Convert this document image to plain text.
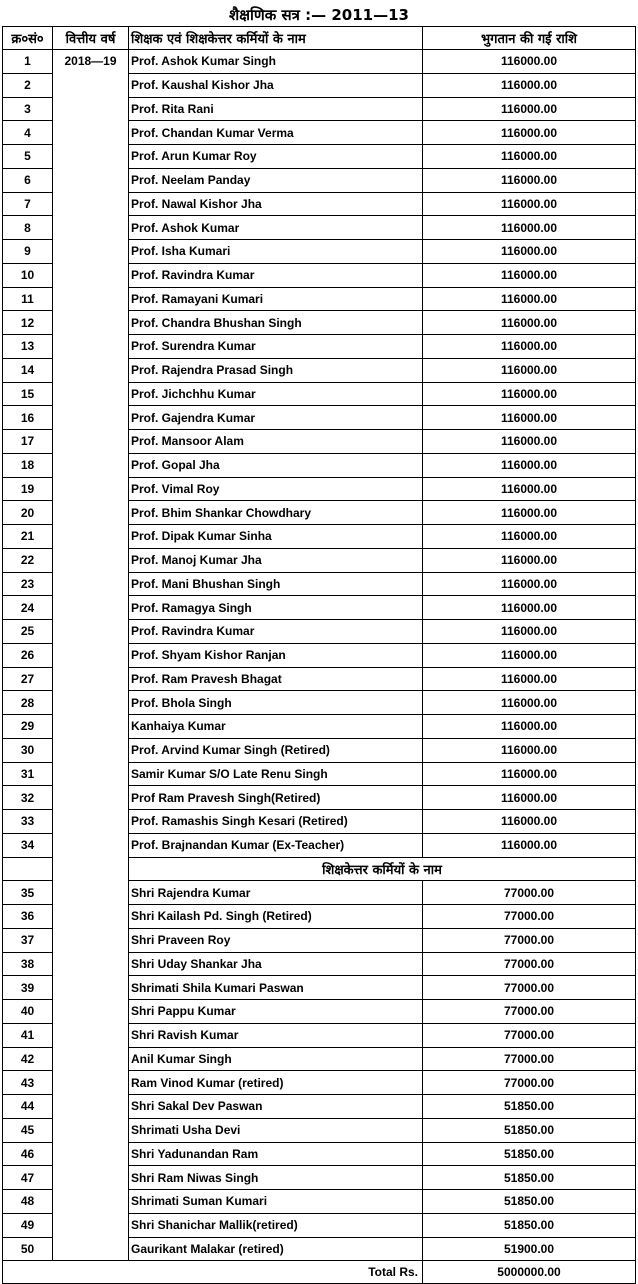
शैक्षणिक सत्र :— 2011—13
क्र०सं०	वित्तीय वर्ष	शिक्षक एवं शिक्षकेत्तर कर्मियों के नाम	भुगतान की गई राशि
1	2018—19	Prof. Ashok Kumar Singh	116000.00
2		Prof. Kaushal Kishor Jha	116000.00
3		Prof. Rita Rani	116000.00
4		Prof. Chandan Kumar Verma	116000.00
5		Prof. Arun Kumar Roy	116000.00
6		Prof. Neelam Panday	116000.00
7		Prof. Nawal Kishor Jha	116000.00
8		Prof. Ashok Kumar	116000.00
9		Prof. Isha Kumari	116000.00
10		Prof. Ravindra Kumar	116000.00
11		Prof. Ramayani Kumari	116000.00
12		Prof. Chandra Bhushan Singh	116000.00
13		Prof. Surendra Kumar	116000.00
14		Prof. Rajendra Prasad Singh	116000.00
15		Prof. Jichchhu Kumar	116000.00
16		Prof. Gajendra Kumar	116000.00
17		Prof. Mansoor Alam	116000.00
18		Prof. Gopal Jha	116000.00
19		Prof. Vimal Roy	116000.00
20		Prof. Bhim Shankar Chowdhary	116000.00
21		Prof. Dipak Kumar Sinha	116000.00
22		Prof. Manoj Kumar Jha	116000.00
23		Prof. Mani Bhushan Singh	116000.00
24		Prof. Ramagya Singh	116000.00
25		Prof. Ravindra Kumar	116000.00
26		Prof. Shyam Kishor Ranjan	116000.00
27		Prof. Ram Pravesh Bhagat	116000.00
28		Prof. Bhola Singh	116000.00
29		Kanhaiya Kumar	116000.00
30		Prof. Arvind Kumar Singh (Retired)	116000.00
31		Samir Kumar S/O Late Renu Singh	116000.00
32		Prof Ram Pravesh Singh(Retired)	116000.00
33		Prof. Ramashis Singh Kesari (Retired)	116000.00
34		Prof. Brajnandan Kumar (Ex-Teacher)	116000.00
		शिक्षकेत्तर कर्मियों के नाम	
35		Shri Rajendra Kumar	77000.00
36		Shri Kailash Pd. Singh (Retired)	77000.00
37		Shri Praveen Roy	77000.00
38		Shri Uday Shankar Jha	77000.00
39		Shrimati Shila Kumari Paswan	77000.00
40		Shri Pappu Kumar	77000.00
41		Shri Ravish Kumar	77000.00
42		Anil Kumar Singh	77000.00
43		Ram Vinod Kumar (retired)	77000.00
44		Shri Sakal Dev Paswan	51850.00
45		Shrimati Usha Devi	51850.00
46		Shri Yadunandan Ram	51850.00
47		Shri Ram Niwas Singh	51850.00
48		Shrimati Suman Kumari	51850.00
49		Shri Shanichar Mallik(retired)	51850.00
50		Gaurikant Malakar (retired)	51900.00
Total Rs.			5000000.00
